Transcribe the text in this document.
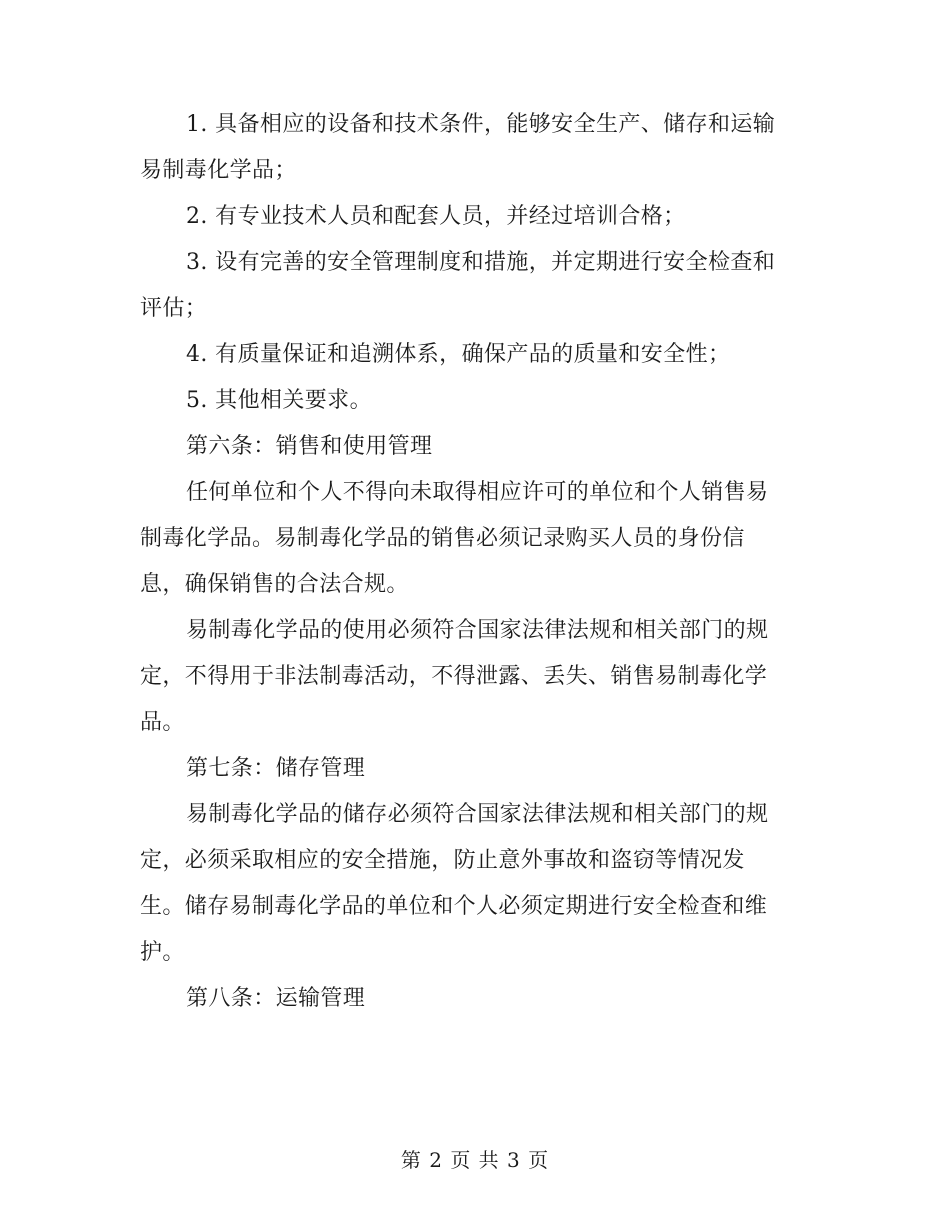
1. 具备相应的设备和技术条件，能够安全生产、储存和运输
易制毒化学品；
2. 有专业技术人员和配套人员，并经过培训合格；
3. 设有完善的安全管理制度和措施，并定期进行安全检查和
评估；
4. 有质量保证和追溯体系，确保产品的质量和安全性；
5. 其他相关要求。
第六条：销售和使用管理
任何单位和个人不得向未取得相应许可的单位和个人销售易
制毒化学品。易制毒化学品的销售必须记录购买人员的身份信
息，确保销售的合法合规。
易制毒化学品的使用必须符合国家法律法规和相关部门的规
定，不得用于非法制毒活动，不得泄露、丢失、销售易制毒化学
品。
第七条：储存管理
易制毒化学品的储存必须符合国家法律法规和相关部门的规
定，必须采取相应的安全措施，防止意外事故和盗窃等情况发
生。储存易制毒化学品的单位和个人必须定期进行安全检查和维
护。
第八条：运输管理
第 2 页 共 3 页
